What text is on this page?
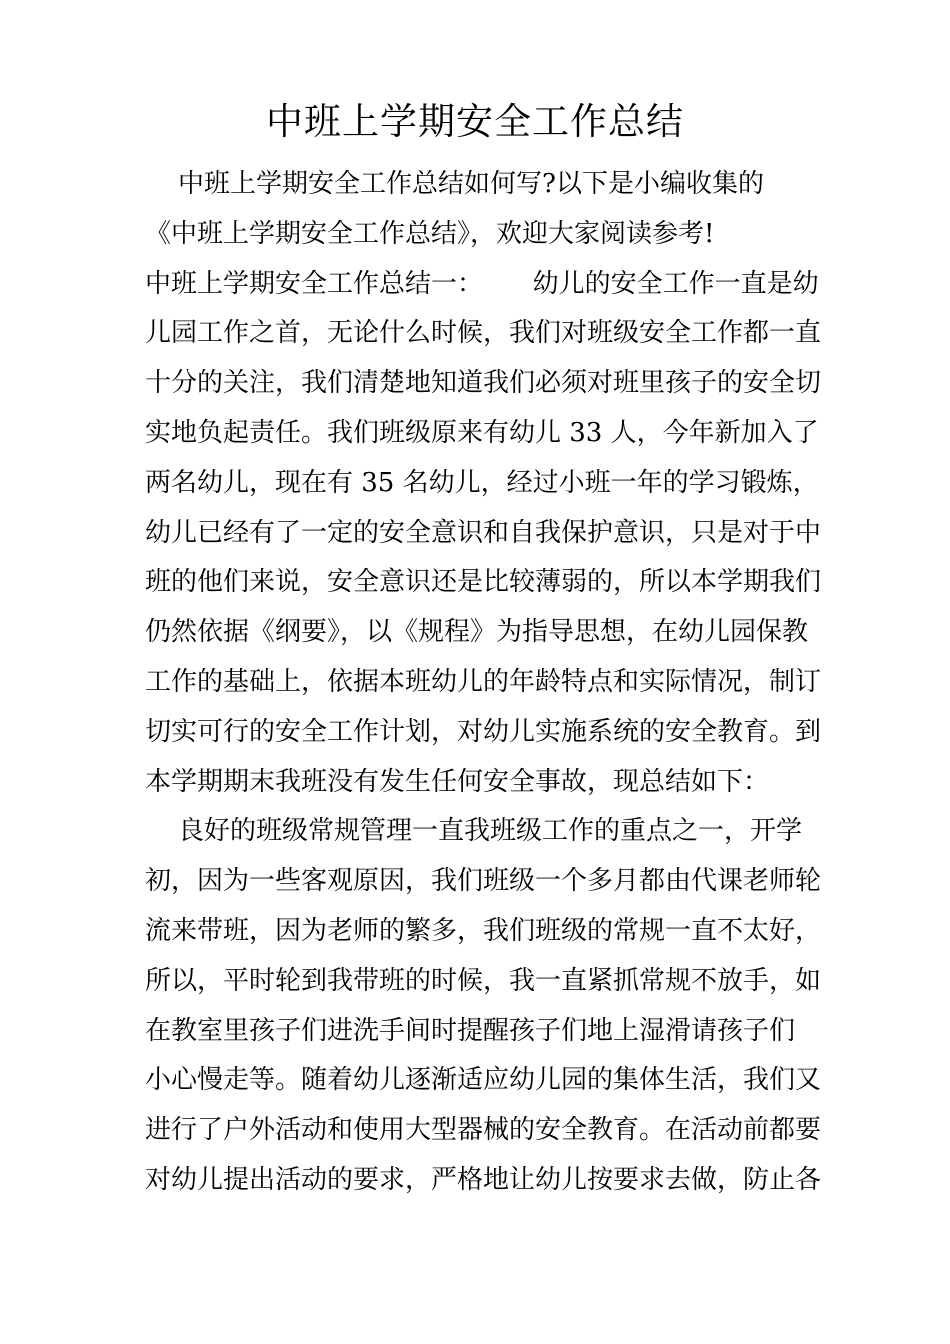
中班上学期安全工作总结
中班上学期安全工作总结如何写?以下是小编收集的
《中班上学期安全工作总结》，欢迎大家阅读参考!
中班上学期安全工作总结一：      幼儿的安全工作一直是幼
儿园工作之首，无论什么时候，我们对班级安全工作都一直
十分的关注，我们清楚地知道我们必须对班里孩子的安全切
实地负起责任。我们班级原来有幼儿 33 人，今年新加入了
两名幼儿，现在有 35 名幼儿，经过小班一年的学习锻炼，
幼儿已经有了一定的安全意识和自我保护意识，只是对于中
班的他们来说，安全意识还是比较薄弱的，所以本学期我们
仍然依据《纲要》，以《规程》为指导思想，在幼儿园保教
工作的基础上，依据本班幼儿的年龄特点和实际情况，制订
切实可行的安全工作计划，对幼儿实施系统的安全教育。到
本学期期末我班没有发生任何安全事故，现总结如下：
良好的班级常规管理一直我班级工作的重点之一，开学
初，因为一些客观原因，我们班级一个多月都由代课老师轮
流来带班，因为老师的繁多，我们班级的常规一直不太好，
所以，平时轮到我带班的时候，我一直紧抓常规不放手，如
在教室里孩子们进洗手间时提醒孩子们地上湿滑请孩子们
小心慢走等。随着幼儿逐渐适应幼儿园的集体生活，我们又
进行了户外活动和使用大型器械的安全教育。在活动前都要
对幼儿提出活动的要求，严格地让幼儿按要求去做，防止各
